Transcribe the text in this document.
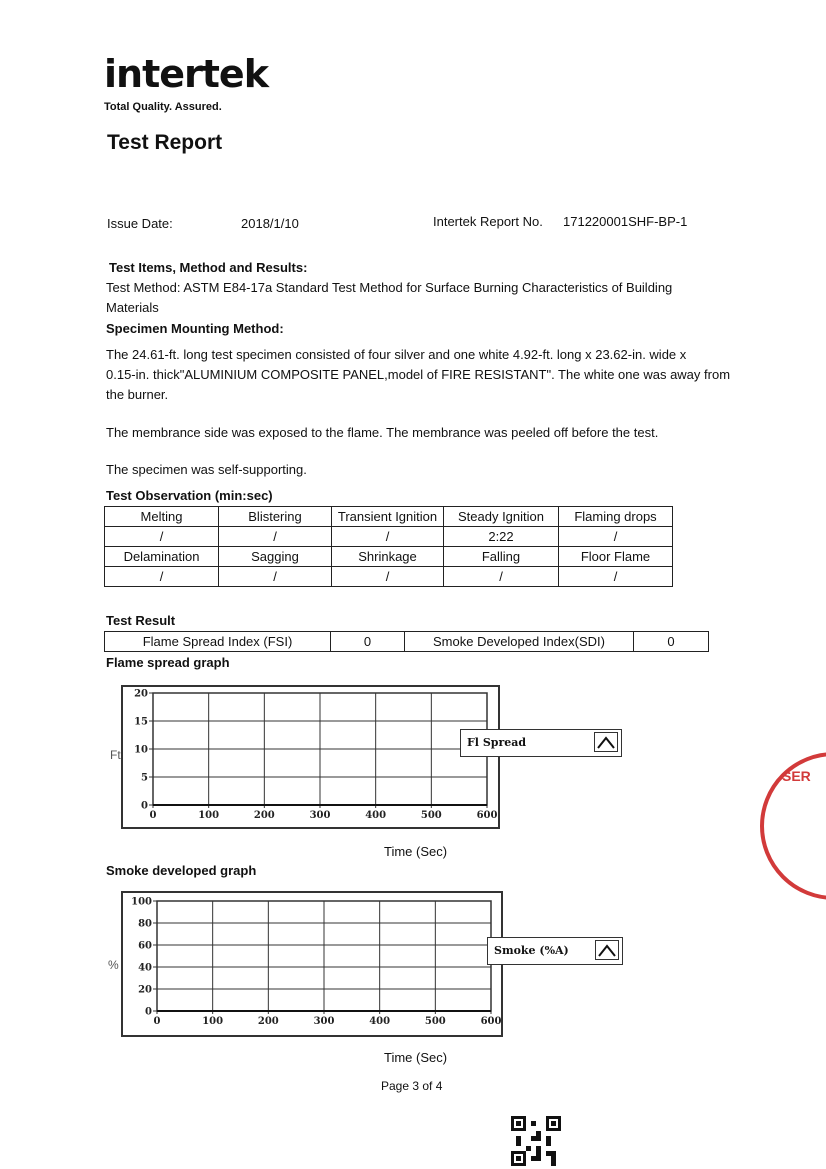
intertek
Total Quality. Assured.
Test Report
Issue Date:	2018/1/10	Intertek Report No. 171220001SHF-BP-1
Test Items, Method and Results:
Test Method: ASTM E84-17a Standard Test Method for Surface Burning Characteristics of Building
Materials
Specimen Mounting Method:
The 24.61-ft. long test specimen consisted of four silver and one white 4.92-ft. long x 23.62-in. wide x
0.15-in. thick"ALUMINIUM COMPOSITE PANEL,model of FIRE RESISTANT". The white one was away from
the burner.
The membrance side was exposed to the flame. The membrance was peeled off before the test.
The specimen was self-supporting.
Test Observation (min:sec)
Melting	Blistering	Transient Ignition	Steady Ignition	Flaming drops
/	/	/	2:22	/
Delamination	Sagging	Shrinkage	Falling	Floor Flame
/	/	/	/	/
Test Result
Flame Spread Index (FSI)	0	Smoke Developed Index(SDI)	0
Flame spread graph
0	100	200	300	400	500	600
0
5
10
15
20
Fl Spread
Ft
Time (Sec)
Smoke developed graph
0	100	200	300	400	500	600
0
20
40
60
80
100
Smoke (%A)
%
Time (Sec)
Page 3 of 4
SER
